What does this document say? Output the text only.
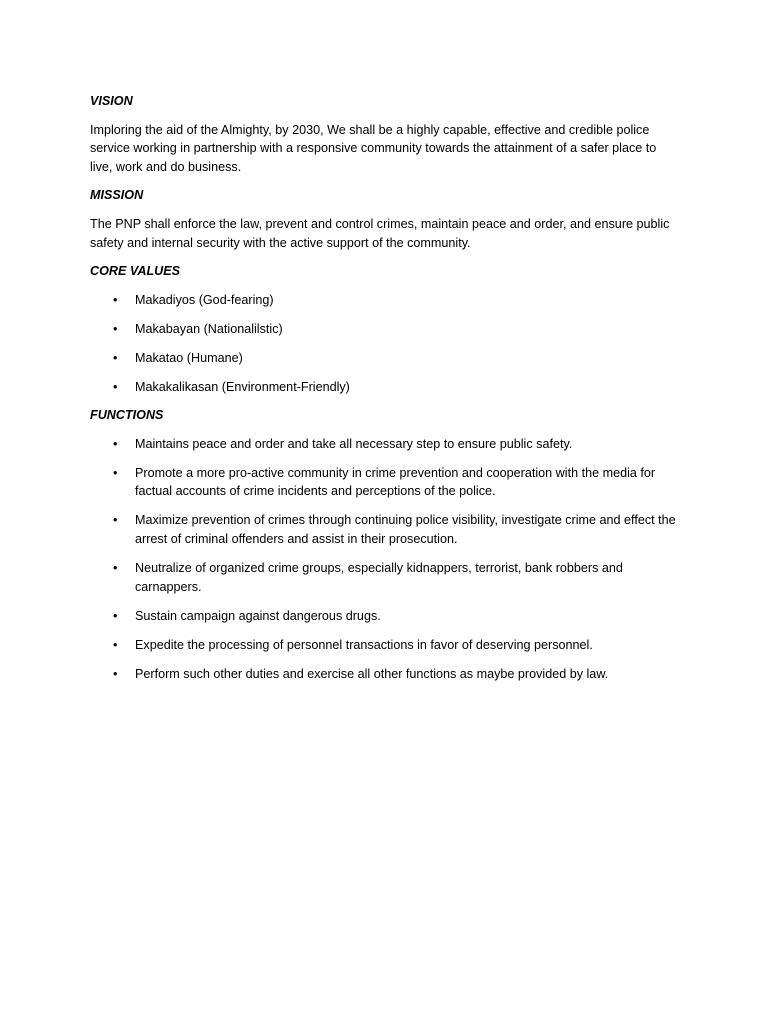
VISION
Imploring the aid of the Almighty, by 2030, We shall be a highly capable, effective and credible police service working in partnership with a responsive community towards the attainment of a safer place to live, work and do business.
MISSION
The PNP shall enforce the law, prevent and control crimes, maintain peace and order, and ensure public safety and internal security with the active support of the community.
CORE VALUES
• Makadiyos (God-fearing)
• Makabayan (Nationalilstic)
• Makatao (Humane)
• Makakalikasan (Environment-Friendly)
FUNCTIONS
• Maintains peace and order and take all necessary step to ensure public safety.
• Promote a more pro-active community in crime prevention and cooperation with the media for factual accounts of crime incidents and perceptions of the police.
• Maximize prevention of crimes through continuing police visibility, investigate crime and effect the arrest of criminal offenders and assist in their prosecution.
• Neutralize of organized crime groups, especially kidnappers, terrorist, bank robbers and carnappers.
• Sustain campaign against dangerous drugs.
• Expedite the processing of personnel transactions in favor of deserving personnel.
• Perform such other duties and exercise all other functions as maybe provided by law.
